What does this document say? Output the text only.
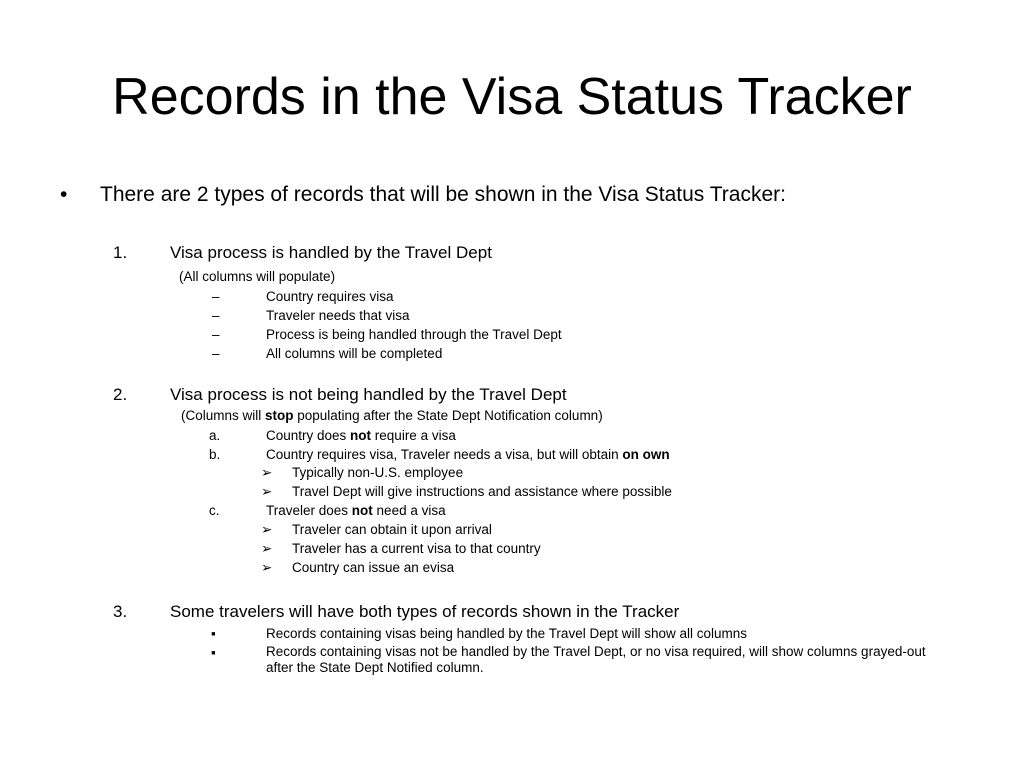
Records in the Visa Status Tracker
• There are 2 types of records that will be shown in the Visa Status Tracker:
1.	Visa process is handled by the Travel Dept
(All columns will populate)
–	Country requires visa
–	Traveler needs that visa
–	Process is being handled through the Travel Dept
–	All columns will be completed
2.	Visa process is not being handled by the Travel Dept
(Columns will stop populating after the State Dept Notification column)
a.	Country does not require a visa
b.	Country requires visa, Traveler needs a visa, but will obtain on own
➢ Typically non-U.S. employee
➢ Travel Dept will give instructions and assistance where possible
c.	Traveler does not need a visa
➢ Traveler can obtain it upon arrival
➢ Traveler has a current visa to that country
➢ Country can issue an evisa
3.	Some travelers will have both types of records shown in the Tracker
▪	Records containing visas being handled by the Travel Dept will show all columns
▪	Records containing visas not be handled by the Travel Dept, or no visa required, will show columns grayed-out after the State Dept Notified column.
